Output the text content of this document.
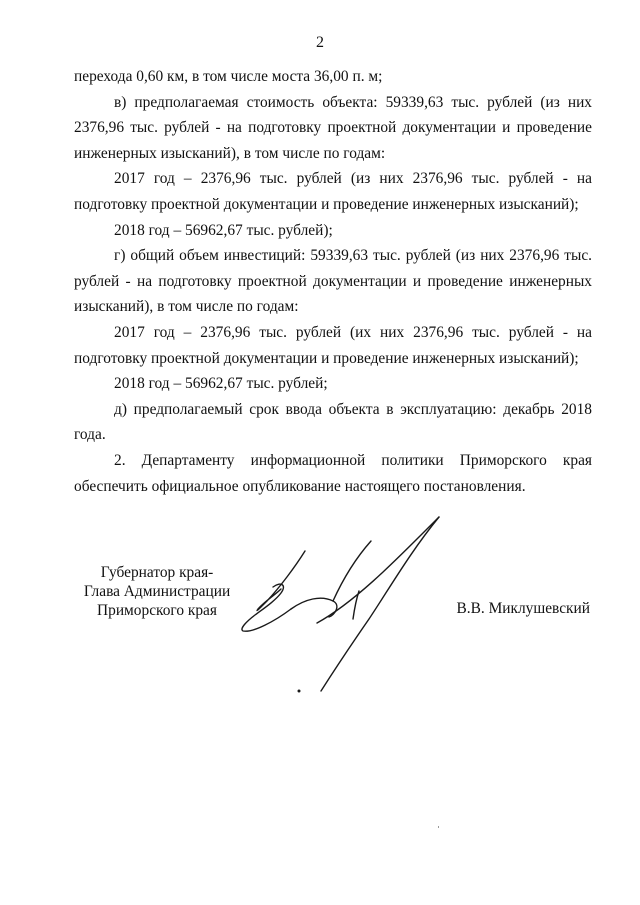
2

перехода 0,60 км, в том числе моста 36,00 п. м;

в) предполагаемая стоимость объекта: 59339,63 тыс. рублей (из них 2376,96 тыс. рублей - на подготовку проектной документации и проведение инженерных изысканий), в том числе по годам:

2017 год – 2376,96 тыс. рублей (из них 2376,96 тыс. рублей - на подготовку проектной документации и проведение инженерных изысканий);

2018 год – 56962,67 тыс. рублей);

г) общий объем инвестиций: 59339,63 тыс. рублей (из них 2376,96 тыс. рублей - на подготовку проектной документации и проведение инженерных изысканий), в том числе по годам:

2017 год – 2376,96 тыс. рублей (их них 2376,96 тыс. рублей - на подготовку проектной документации и проведение инженерных изысканий);

2018 год – 56962,67 тыс. рублей;

д) предполагаемый срок ввода объекта в эксплуатацию: декабрь 2018 года.

2. Департаменту информационной политики Приморского края обеспечить официальное опубликование настоящего постановления.

Губернатор края-
Глава Администрации
Приморского края	В.В. Миклушевский
